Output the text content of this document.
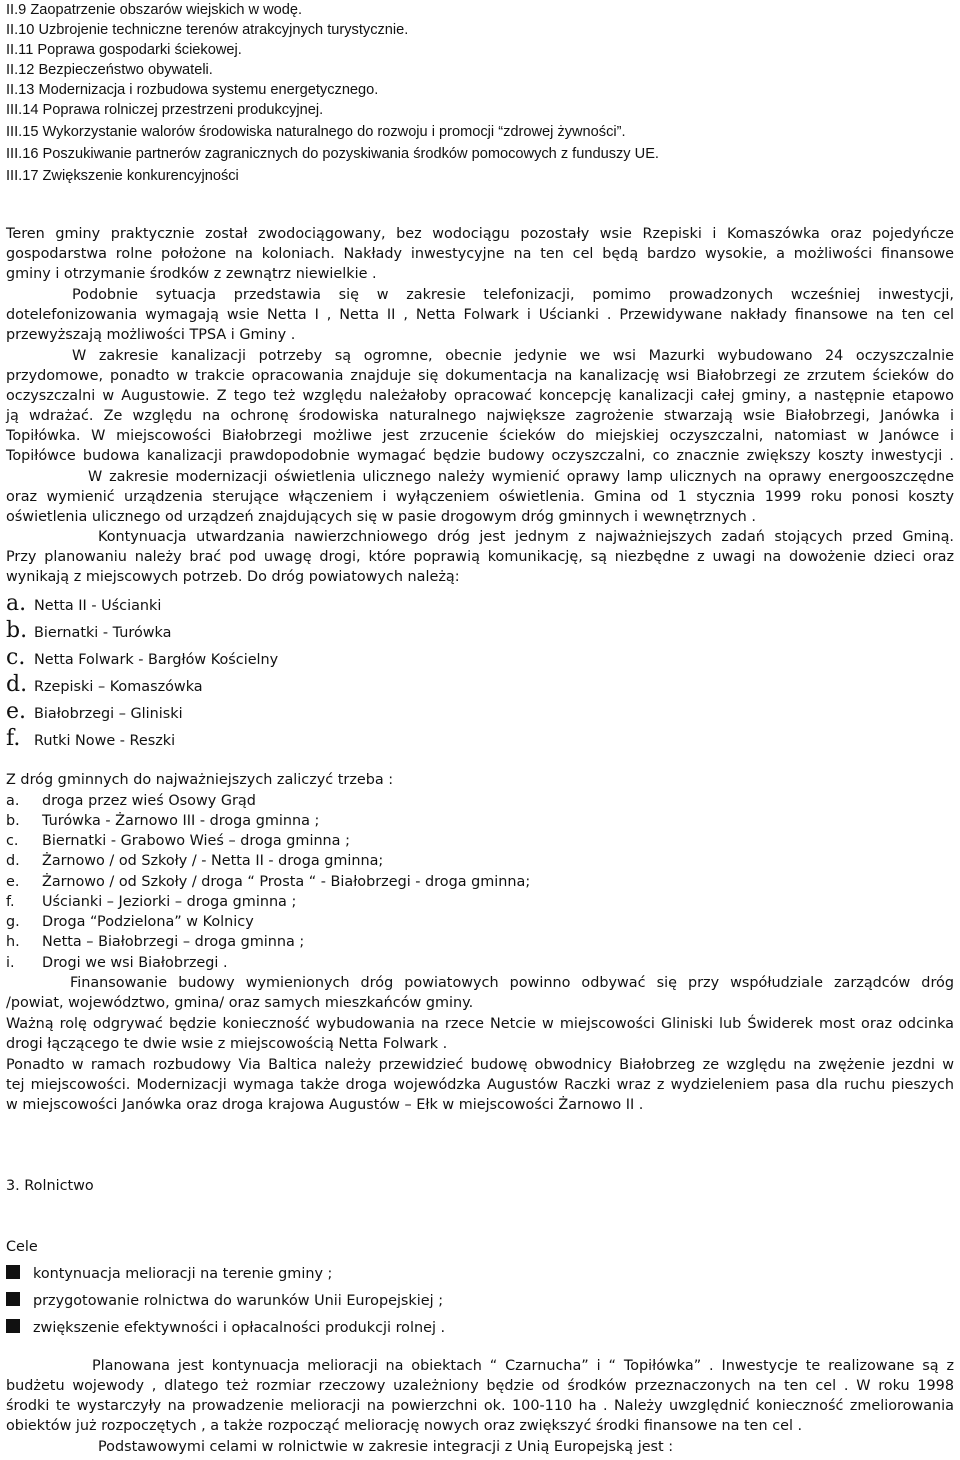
II.9 Zaopatrzenie obszarów wiejskich w wodę.
II.10 Uzbrojenie techniczne terenów atrakcyjnych turystycznie.
II.11 Poprawa gospodarki ściekowej.
II.12 Bezpieczeństwo obywateli.
II.13 Modernizacja i rozbudowa systemu energetycznego.
III.14 Poprawa rolniczej przestrzeni produkcyjnej.
III.15 Wykorzystanie walorów środowiska naturalnego do rozwoju i promocji “zdrowej żywności”.
III.16 Poszukiwanie partnerów zagranicznych do pozyskiwania środków pomocowych z funduszy UE.
III.17 Zwiększenie konkurencyjności
Teren gminy praktycznie został zwodociągowany, bez wodociągu pozostały wsie Rzepiski i Komaszówka oraz pojedyńcze
gospodarstwa rolne położone na koloniach. Nakłady inwestycyjne na ten cel będą bardzo wysokie, a możliwości finansowe
gminy i otrzymanie środków z zewnątrz niewielkie .
Podobnie sytuacja przedstawia się w zakresie telefonizacji, pomimo prowadzonych wcześniej inwestycji,
dotelefonizowania wymagają wsie Netta I , Netta II , Netta Folwark i Uścianki . Przewidywane nakłady finansowe na ten cel
przewyższają możliwości TPSA i Gminy .
W zakresie kanalizacji potrzeby są ogromne, obecnie jedynie we wsi Mazurki wybudowano 24 oczyszczalnie
przydomowe, ponadto w trakcie opracowania znajduje się dokumentacja na kanalizację wsi Białobrzegi ze zrzutem ścieków do
oczyszczalni w Augustowie. Z tego też względu należałoby opracować koncepcję kanalizacji całej gminy, a następnie etapowo
ją wdrażać. Ze względu na ochronę środowiska naturalnego największe zagrożenie stwarzają wsie Białobrzegi, Janówka i
Topiłówka. W miejscowości Białobrzegi możliwe jest zrzucenie ścieków do miejskiej oczyszczalni, natomiast w Janówce i
Topiłówce budowa kanalizacji prawdopodobnie wymagać będzie budowy oczyszczalni, co znacznie zwiększy koszty inwestycji .
W zakresie modernizacji oświetlenia ulicznego należy wymienić oprawy lamp ulicznych na oprawy energooszczędne
oraz wymienić urządzenia sterujące włączeniem i wyłączeniem oświetlenia. Gmina od 1 stycznia 1999 roku ponosi koszty
oświetlenia ulicznego od urządzeń znajdujących się w pasie drogowym dróg gminnych i wewnętrznych .
Kontynuacja utwardzania nawierzchniowego dróg jest jednym z najważniejszych zadań stojących przed Gminą.
Przy planowaniu należy brać pod uwagę drogi, które poprawią komunikację, są niezbędne z uwagi na dowożenie dzieci oraz
wynikają z miejscowych potrzeb. Do dróg powiatowych należą:
a. Netta II - Uścianki
b. Biernatki - Turówka
c. Netta Folwark - Bargłów Kościelny
d. Rzepiski – Komaszówka
e. Białobrzegi – Gliniski
f. Rutki Nowe - Reszki
Z dróg gminnych do najważniejszych zaliczyć trzeba :
a. droga przez wieś Osowy Grąd
b. Turówka - Żarnowo III - droga gminna ;
c. Biernatki - Grabowo Wieś – droga gminna ;
d. Żarnowo / od Szkoły / - Netta II - droga gminna;
e. Żarnowo / od Szkoły / droga “ Prosta “ - Białobrzegi - droga gminna;
f. Uścianki – Jeziorki – droga gminna ;
g. Droga “Podzielona” w Kolnicy
h. Netta – Białobrzegi – droga gminna ;
i. Drogi we wsi Białobrzegi .
Finansowanie budowy wymienionych dróg powiatowych powinno odbywać się przy współudziale zarządców dróg
/powiat, województwo, gmina/ oraz samych mieszkańców gminy.
Ważną rolę odgrywać będzie konieczność wybudowania na rzece Netcie w miejscowości Gliniski lub Świderek most oraz odcinka
drogi łączącego te dwie wsie z miejscowością Netta Folwark .
Ponadto w ramach rozbudowy Via Baltica należy przewidzieć budowę obwodnicy Białobrzeg ze względu na zwężenie jezdni w
tej miejscowości. Modernizacji wymaga także droga wojewódzka Augustów Raczki wraz z wydzieleniem pasa dla ruchu pieszych
w miejscowości Janówka oraz droga krajowa Augustów – Ełk w miejscowości Żarnowo II .
3. Rolnictwo
Cele
kontynuacja melioracji na terenie gminy ;
przygotowanie rolnictwa do warunków Unii Europejskiej ;
zwiększenie efektywności i opłacalności produkcji rolnej .
Planowana jest kontynuacja melioracji na obiektach “ Czarnucha” i “ Topiłówka” . Inwestycje te realizowane są z
budżetu wojewody , dlatego też rozmiar rzeczowy uzależniony będzie od środków przeznaczonych na ten cel . W roku 1998
środki te wystarczyły na prowadzenie melioracji na powierzchni ok. 100-110 ha . Należy uwzględnić konieczność zmeliorowania
obiektów już rozpoczętych , a także rozpocząć meliorację nowych oraz zwiększyć środki finansowe na ten cel .
Podstawowymi celami w rolnictwie w zakresie integracji z Unią Europejską jest :
